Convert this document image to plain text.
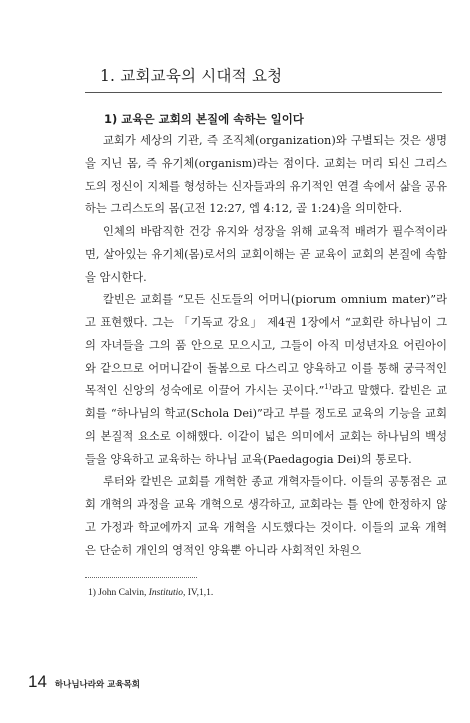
1. 교회교육의 시대적 요청
1) 교육은 교회의 본질에 속하는 일이다

교회가 세상의 기관, 즉 조직체(organization)와 구별되는 것은 생명을 지닌 몸, 즉 유기체(organism)라는 점이다. 교회는 머리 되신 그리스도의 정신이 지체를 형성하는 신자들과의 유기적인 연결 속에서 삶을 공유하는 그리스도의 몸(고전 12:27, 엡 4:12, 골 1:24)을 의미한다.

인체의 바람직한 건강 유지와 성장을 위해 교육적 배려가 필수적이라면, 살아있는 유기체(몸)로서의 교회이해는 곧 교육이 교회의 본질에 속함을 암시한다.

칼빈은 교회를 “모든 신도들의 어머니(piorum omnium mater)”라고 표현했다. 그는 「기독교 강요」 제4권 1장에서 “교회란 하나님이 그의 자녀들을 그의 품 안으로 모으시고, 그들이 아직 미성년자요 어린아이와 같으므로 어머니같이 돌봄으로 다스리고 양육하고 이를 통해 궁극적인 목적인 신앙의 성숙에로 이끌어 가시는 곳이다.”$^{1)}$라고 말했다. 칼빈은 교회를 “하나님의 학교(Schola Dei)”라고 부를 정도로 교육의 기능을 교회의 본질적 요소로 이해했다. 이같이 넓은 의미에서 교회는 하나님의 백성들을 양육하고 교육하는 하나님 교육(Paedagogia Dei)의 통로다.

루터와 칼빈은 교회를 개혁한 종교 개혁자들이다. 이들의 공통점은 교회 개혁의 과정을 교육 개혁으로 생각하고, 교회라는 틀 안에 한정하지 않고 가정과 학교에까지 교육 개혁을 시도했다는 것이다. 이들의 교육 개혁은 단순히 개인의 영적인 양육뿐 아니라 사회적인 차원으

1) John Calvin, Institutio, IV,1,1.
14 하나님나라와 교육목회
